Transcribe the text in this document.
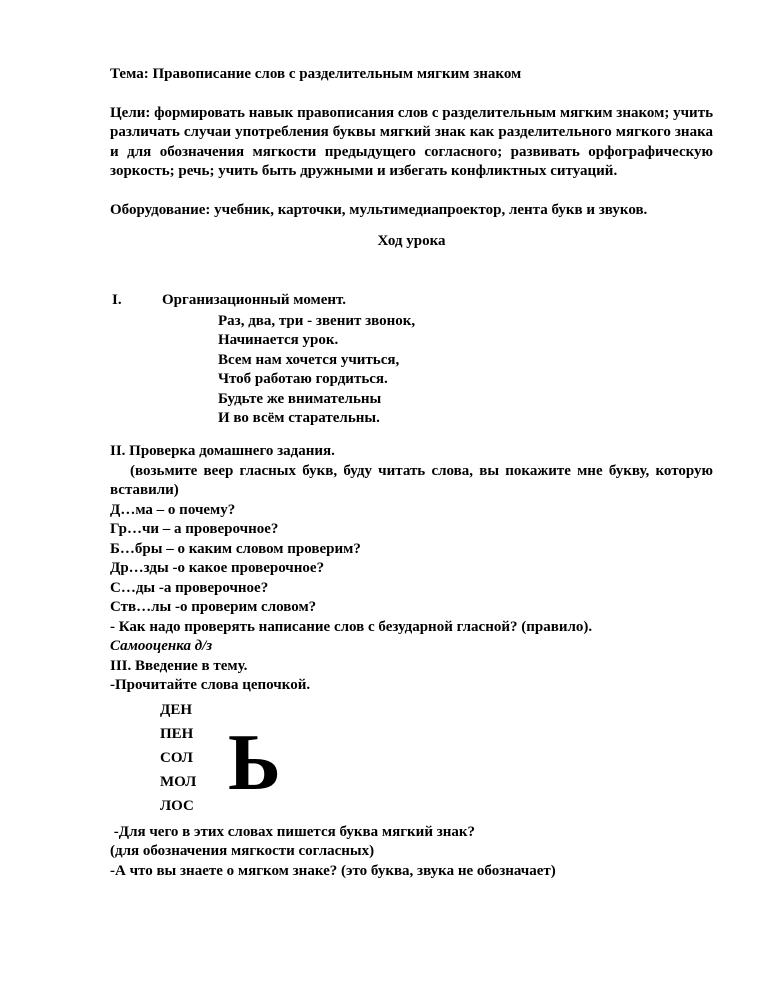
Тема: Правописание слов с разделительным мягким знаком

Цели: формировать навык правописания слов с разделительным мягким знаком; учить различать случаи употребления буквы мягкий знак как разделительного мягкого знака и для обозначения мягкости предыдущего согласного; развивать орфографическую зоркость; речь; учить быть дружными и избегать конфликтных ситуаций.

Оборудование: учебник, карточки, мультимедиапроектор, лента букв и звуков.

Ход урока

I.	Организационный момент.
Раз, два, три - звенит звонок,
Начинается урок.
Всем нам хочется учиться,
Чтоб работаю гордиться.
Будьте же внимательны
И во всём старательны.

II. Проверка домашнего задания.

(возьмите веер гласных букв, буду читать слова, вы покажите мне букву, которую вставили)

Д…ма – о почему?

Гр…чи – а проверочное?

Б…бры – о каким словом проверим?

Др…зды -о какое проверочное?

С…ды -а проверочное?

Ств…лы -о проверим словом?

- Как надо проверять написание слов с безударной гласной? (правило).

Самооценка д/з

III. Введение в тему.

-Прочитайте слова цепочкой.

ДЕН
ПЕН
СОЛ
МОЛ
ЛОС Ь

-Для чего в этих словах пишется буква мягкий знак?

(для обозначения мягкости согласных)

-А что вы знаете о мягком знаке? (это буква, звука не обозначает)
